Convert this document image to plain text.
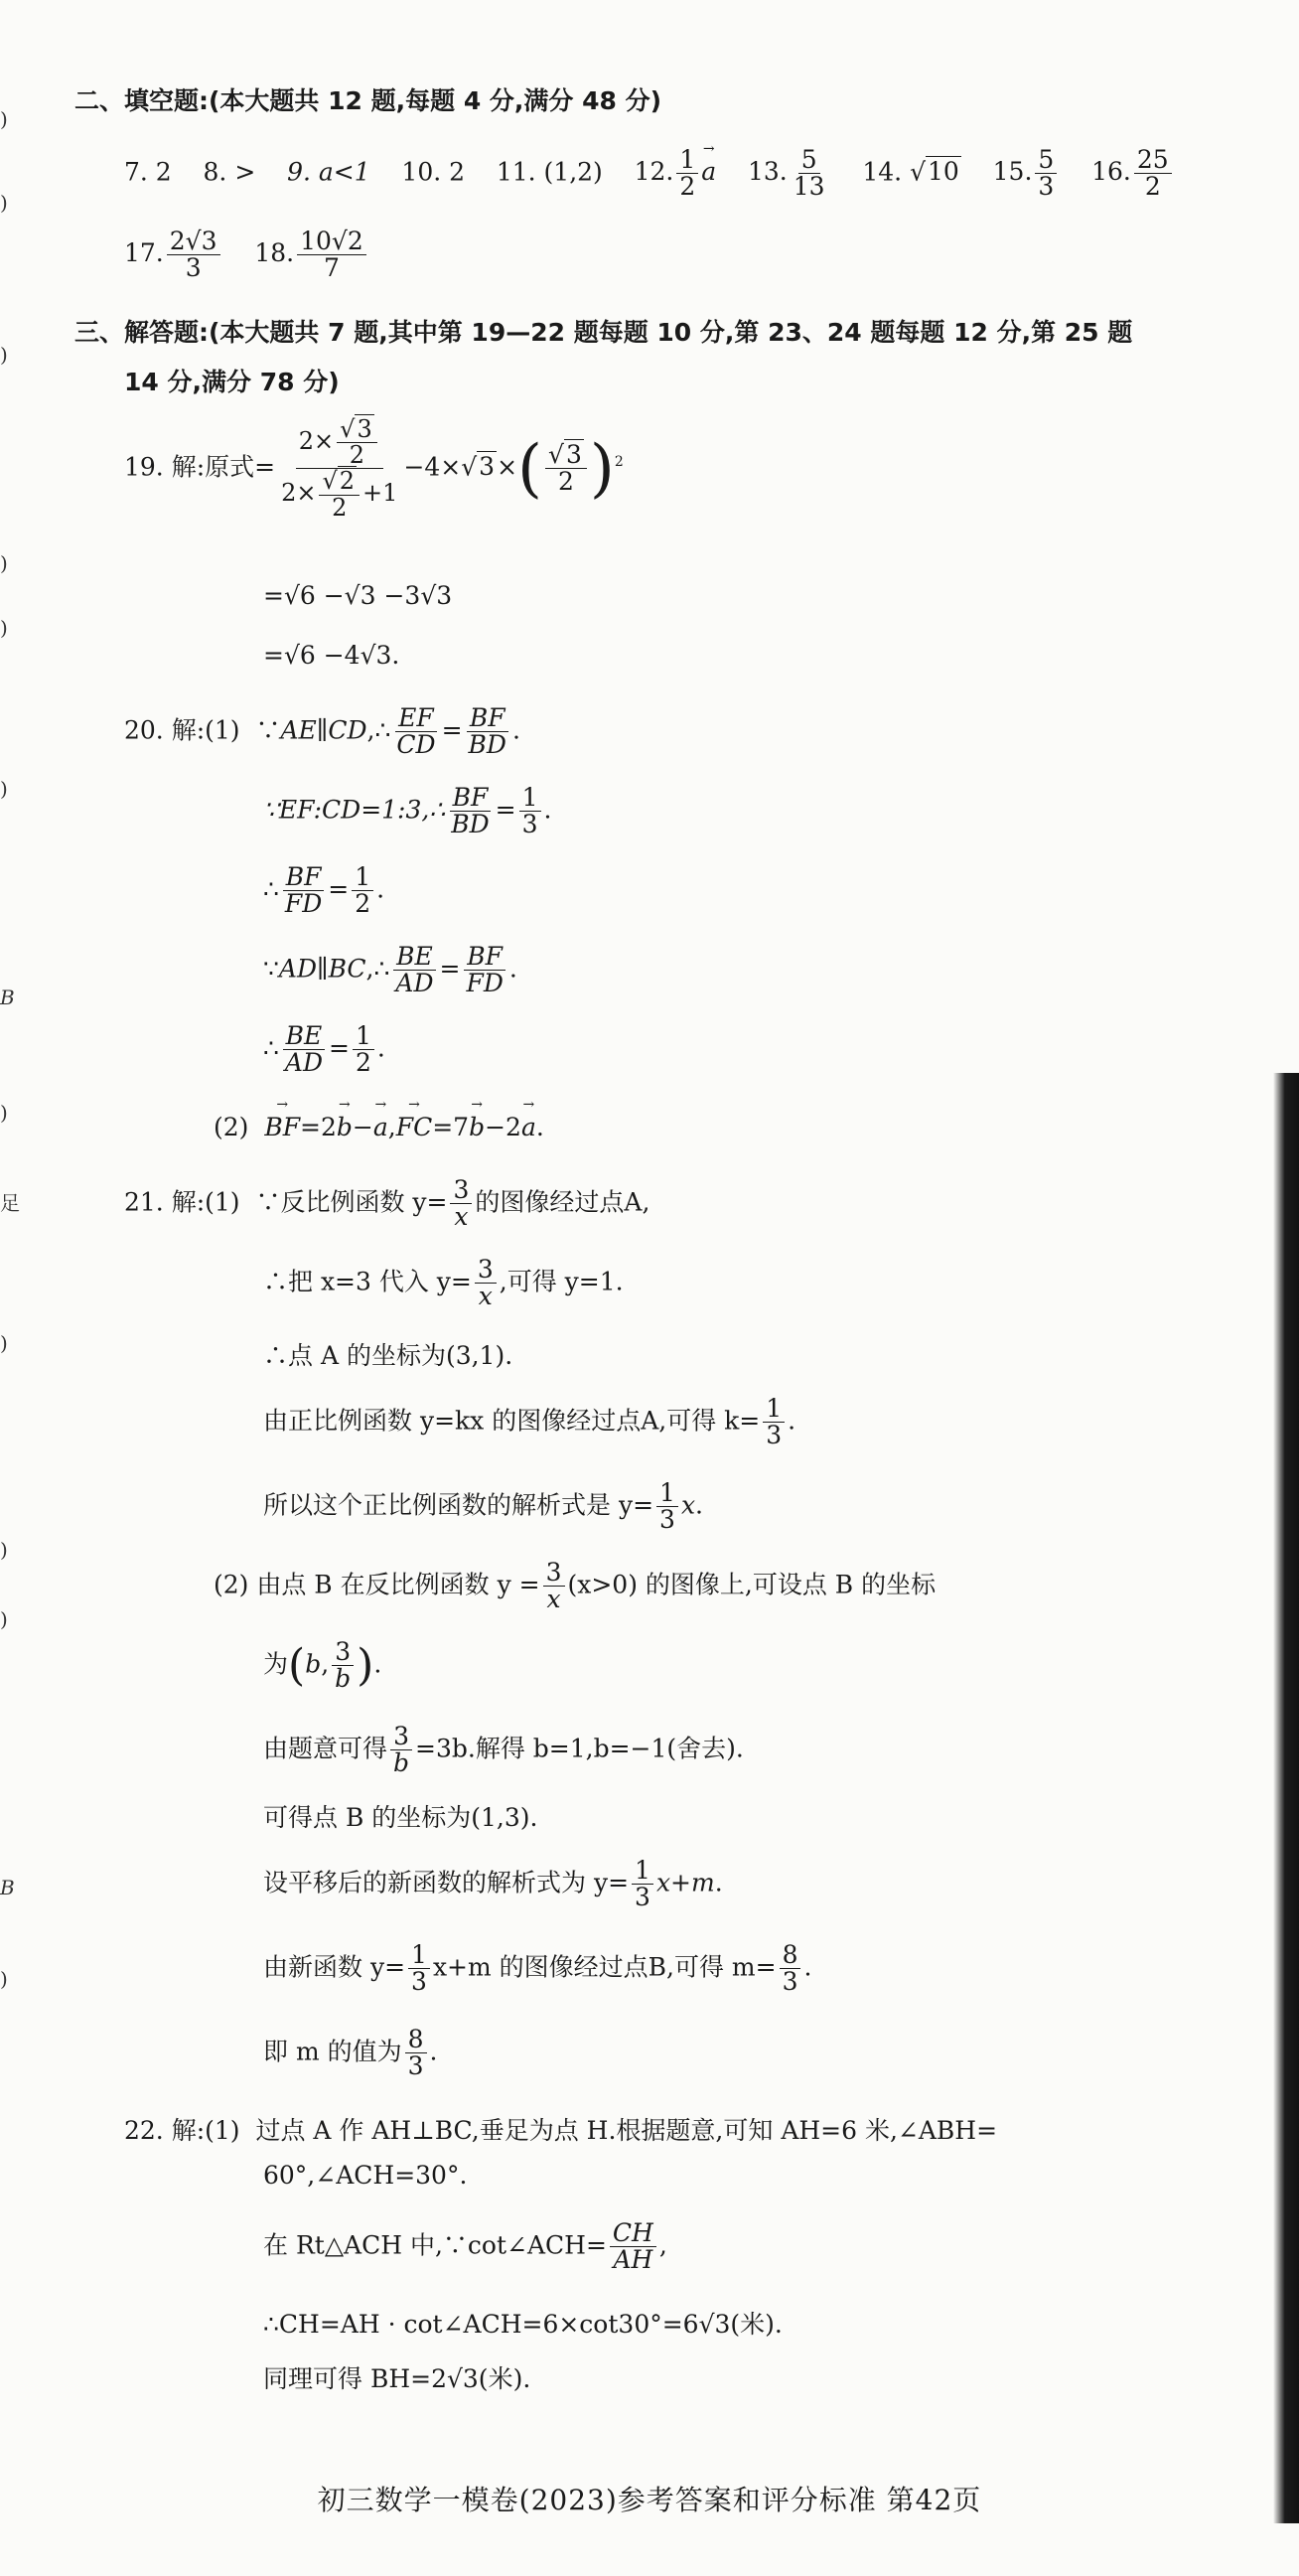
二、填空题:(本大题共 12 题,每题 4 分,满分 48 分)
7. 2 8. > 9. a<1 10. 2 11. (1,2) 12. $\frac{1}{2}$
→ a 13. $\frac{5}{13} 14$. √10 15. $\frac{5}{3} 16$. $\frac{25}{2}$
17. $\frac{2√3}{3} 18$. $\frac{10√2}{7}$
三、解答题:(本大题共 7 题,其中第 19—22 题每题 10 分,第 23、24 题每题 12 分,第 25 题
14 分,满分 78 分)
19. 解:原式= $\frac{2\times \frac{√3}{2}}{2\times \frac{√2}{2} +1} -4\times√3\times( \frac{√3}{2} )^2$
=√6 −√3 −3√3
=√6 −4√3.
20. 解:(1)  ∵AE∥CD,∴ $\frac{EF}{CD} = \frac{BF}{BD}$ .
∵EF:CD=1:3,∴ $\frac{BF}{BD} = \frac{1}{3}$ .
∴ $\frac{BF}{FD} = \frac{1}{2}$ .
∵AD∥BC,∴ $\frac{BE}{AD} = \frac{BF}{FD}$ .
∴ $\frac{BE}{AD} = \frac{1}{2}$ .
(2)  → BF=2→ b−→ a,→ FC=7→ b−2→ a.
21. 解:(1) ∵反比例函数 $y= \frac{3}{x}$ 的图像经过点A,
∴把 x=3 代入 $y= \frac{3}{x}$ ,可得 y=1.
∴点 A 的坐标为(3,1).
由正比例函数 y=kx 的图像经过点A,可得 $k= \frac{1}{3}$ .
所以这个正比例函数的解析式是 $y= \frac{1}{3} x$.
(2) 由点 B 在反比例函数 $y = \frac{3}{x} (x>0)$ 的图像上,可设点 B 的坐标
为(b, $\frac{3}{b}$ ).
由题意可得 $\frac{3}{b} =3b$.解得 b=1,b=−1(舍去).
可得点 B 的坐标为(1,3).
设平移后的新函数的解析式为 $y= \frac{1}{3} x+m$.
由新函数 $y= \frac{1}{3} x+m$ 的图像经过点B,可得 $m= \frac{8}{3}$ .
即 m 的值为 $\frac{8}{3}$ .
22. 解:(1) 过点 A 作 AH⊥BC,垂足为点 H.根据题意,可知 AH=6 米,∠ABH=
60°,∠ACH=30°.
在 Rt△ACH 中,∵cot∠ACH= $\frac{CH}{AH}$ ,
∴CH=AH · cot∠ACH=6×cot30°=6√3(米).
同理可得 BH=2√3(米).
初三数学一模卷(2023)参考答案和评分标准 第42页
)
)
)
)
)
)
B
)
足
)
)
)
B
)
